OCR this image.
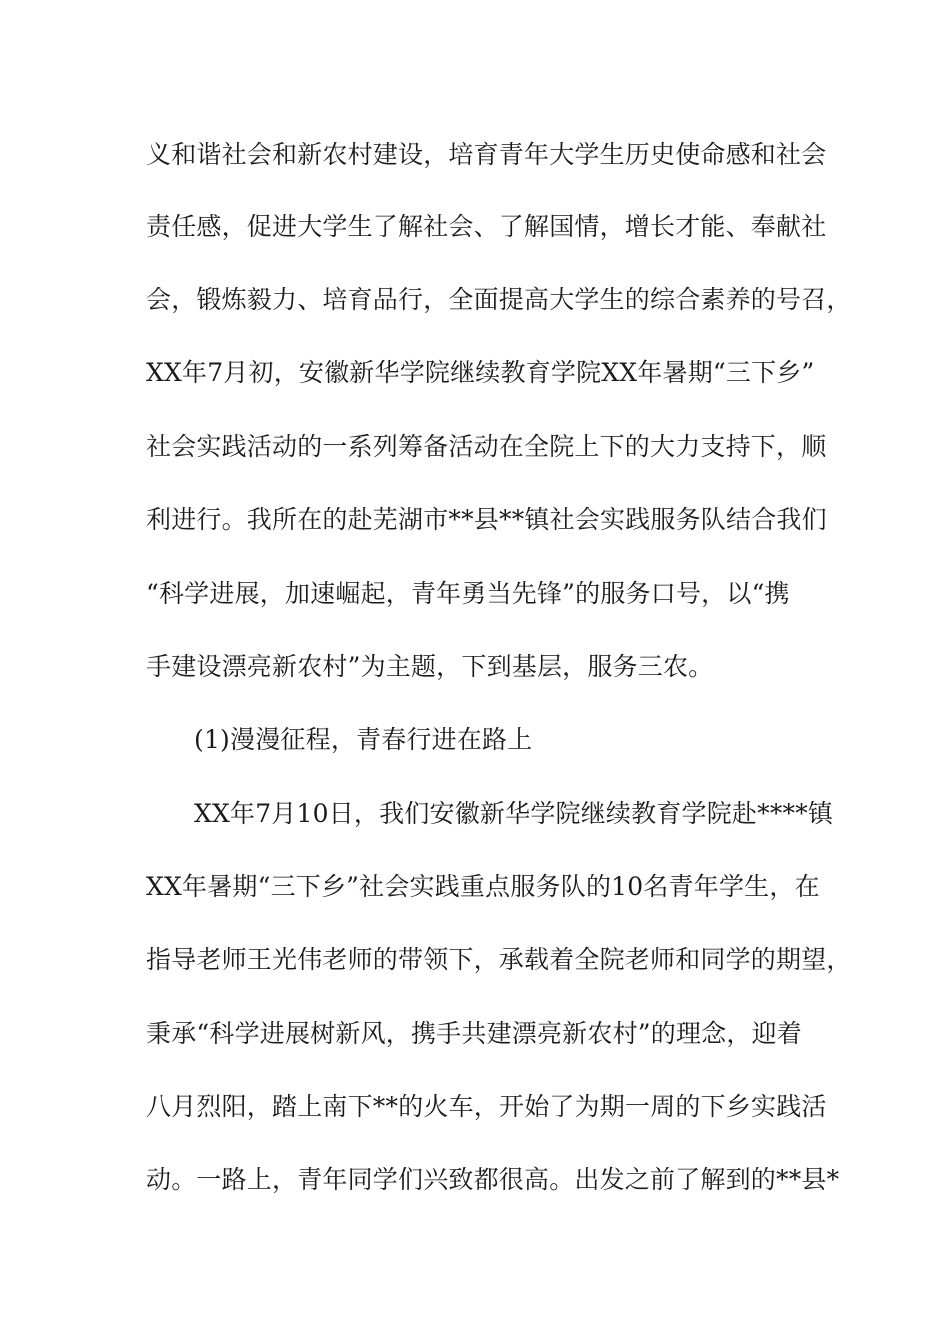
义和谐社会和新农村建设，培育青年大学生历史使命感和社会
责任感，促进大学生了解社会、了解国情，增长才能、奉献社
会，锻炼毅力、培育品行，全面提高大学生的综合素养的号召，
XX年7月初，安徽新华学院继续教育学院XX年暑期“三下乡”
社会实践活动的一系列筹备活动在全院上下的大力支持下，顺
利进行。我所在的赴芜湖市**县**镇社会实践服务队结合我们
“科学进展，加速崛起，青年勇当先锋”的服务口号，以“携
手建设漂亮新农村”为主题，下到基层，服务三农。
(1)漫漫征程，青春行进在路上
XX年7月10日，我们安徽新华学院继续教育学院赴****镇
XX年暑期“三下乡”社会实践重点服务队的10名青年学生，在
指导老师王光伟老师的带领下，承载着全院老师和同学的期望，
秉承“科学进展树新风，携手共建漂亮新农村”的理念，迎着
八月烈阳，踏上南下**的火车，开始了为期一周的下乡实践活
动。一路上，青年同学们兴致都很高。出发之前了解到的**县*
